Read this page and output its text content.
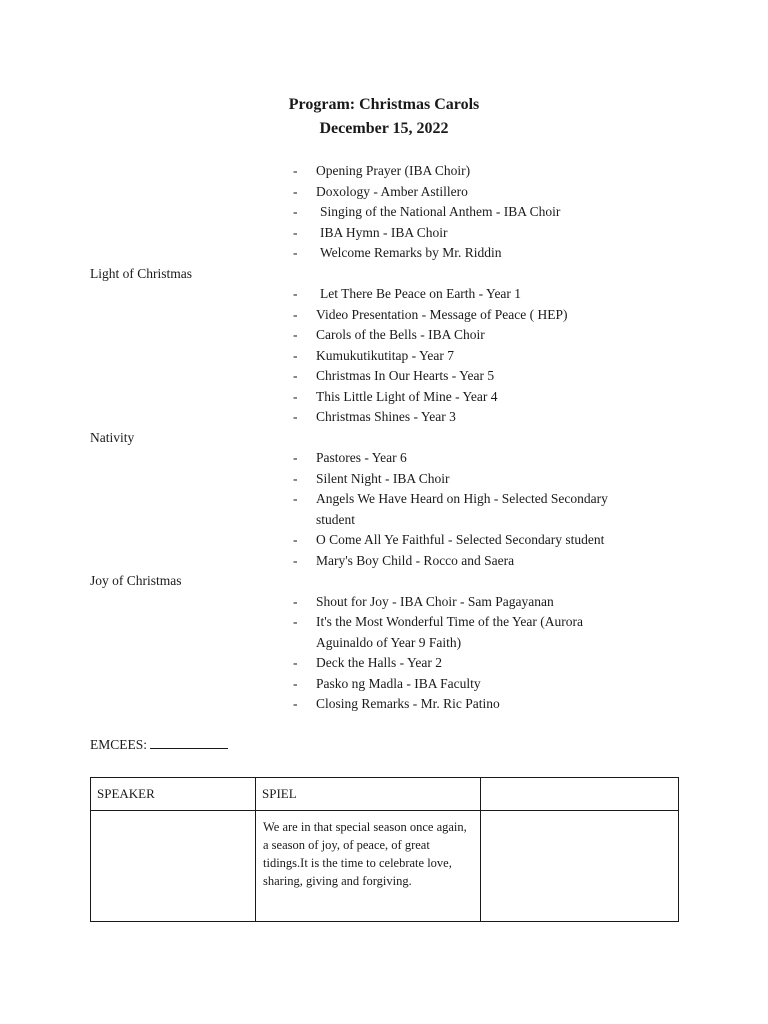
Program: Christmas Carols
December 15, 2022
- Opening Prayer (IBA Choir)
- Doxology - Amber Astillero
- Singing of the National Anthem - IBA Choir
- IBA Hymn - IBA Choir
- Welcome Remarks by Mr. Riddin
Light of Christmas
- Let There Be Peace on Earth - Year 1
- Video Presentation - Message of Peace ( HEP)
- Carols of the Bells - IBA Choir
- Kumukutikutitap - Year 7
- Christmas In Our Hearts - Year 5
- This Little Light of Mine - Year 4
- Christmas Shines - Year 3
Nativity
- Pastores - Year 6
- Silent Night - IBA Choir
- Angels We Have Heard on High - Selected Secondary
student
- O Come All Ye Faithful - Selected Secondary student
- Mary's Boy Child - Rocco and Saera
Joy of Christmas
- Shout for Joy - IBA Choir - Sam Pagayanan
- It's the Most Wonderful Time of the Year (Aurora
Aguinaldo of Year 9 Faith)
- Deck the Halls - Year 2
- Pasko ng Madla - IBA Faculty
- Closing Remarks - Mr. Ric Patino
EMCEES:
SPEAKER	SPIEL	
	We are in that special season once again, a season of joy, of peace, of great tidings.It is the time to celebrate love, sharing, giving and forgiving.	
